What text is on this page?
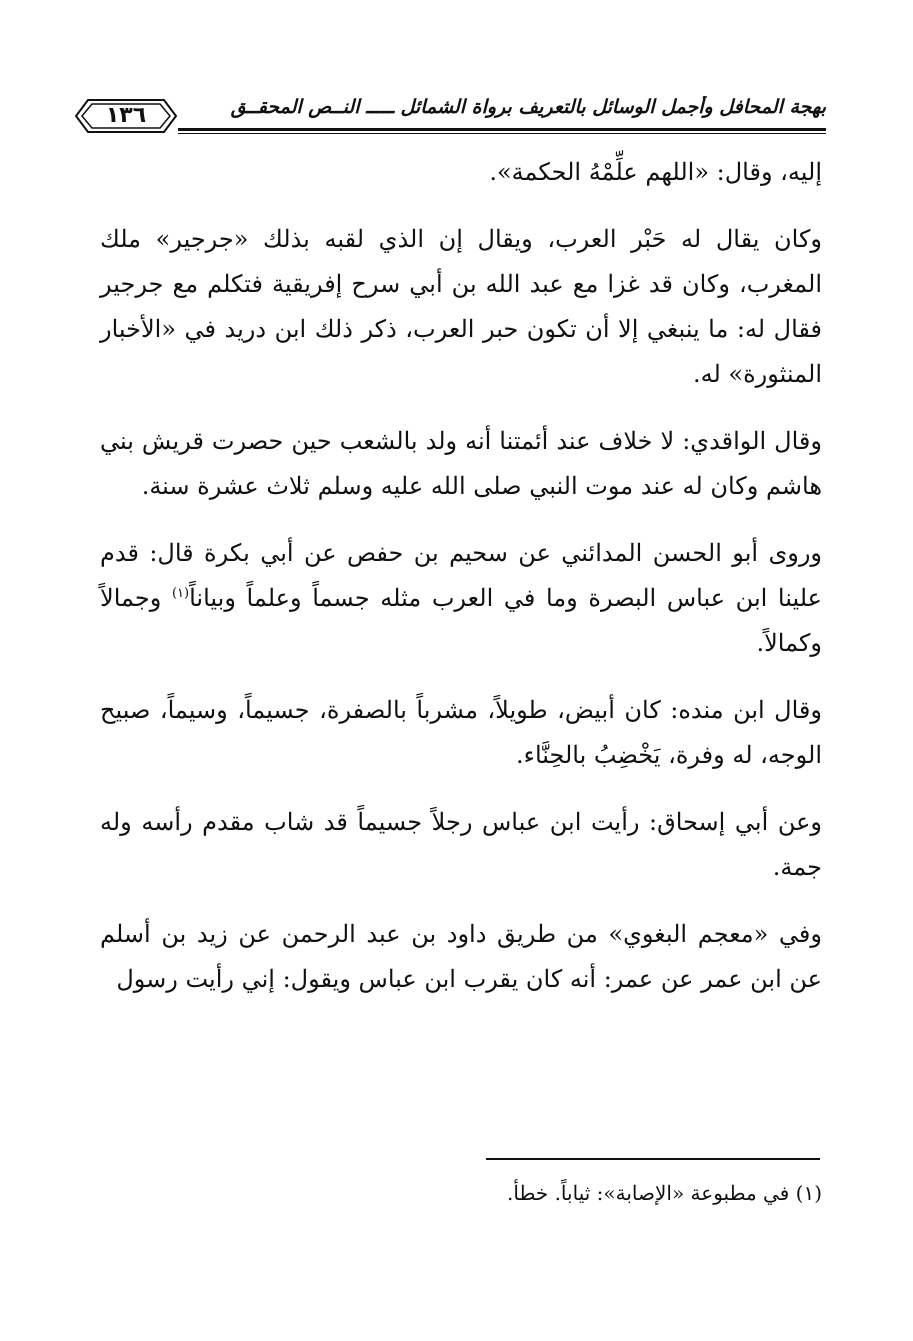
١٣٦	بهجة المحافل وأجمل الوسائل بالتعريف برواة الشمائل ـــــ النــص المحقــق

إليه، وقال: «اللهم علِّمْهُ الحكمة».

وكان يقال له حَبْر العرب، ويقال إن الذي لقبه بذلك «جرجير» ملك المغرب، وكان قد غزا مع عبد الله بن أبي سرح إفريقية فتكلم مع جرجير فقال له: ما ينبغي إلا أن تكون حبر العرب، ذكر ذلك ابن دريد في «الأخبار المنثورة» له.

وقال الواقدي: لا خلاف عند أئمتنا أنه ولد بالشعب حين حصرت قريش بني هاشم وكان له عند موت النبي صلى الله عليه وسلم ثلاث عشرة سنة.

وروى أبو الحسن المدائني عن سحيم بن حفص عن أبي بكرة قال: قدم علينا ابن عباس البصرة وما في العرب مثله جسماً وعلماً وبياناً$^{(١)}$ وجمالاً وكمالاً.

وقال ابن منده: كان أبيض، طويلاً، مشرباً بالصفرة، جسيماً، وسيماً، صبيح الوجه، له وفرة، يَخْضِبُ بالحِنَّاء.

وعن أبي إسحاق: رأيت ابن عباس رجلاً جسيماً قد شاب مقدم رأسه وله جمة.

وفي «معجم البغوي» من طريق داود بن عبد الرحمن عن زيد بن أسلم عن ابن عمر عن عمر: أنه كان يقرب ابن عباس ويقول: إني رأيت رسول

(١) في مطبوعة «الإصابة»: ثياباً. خطأ.
